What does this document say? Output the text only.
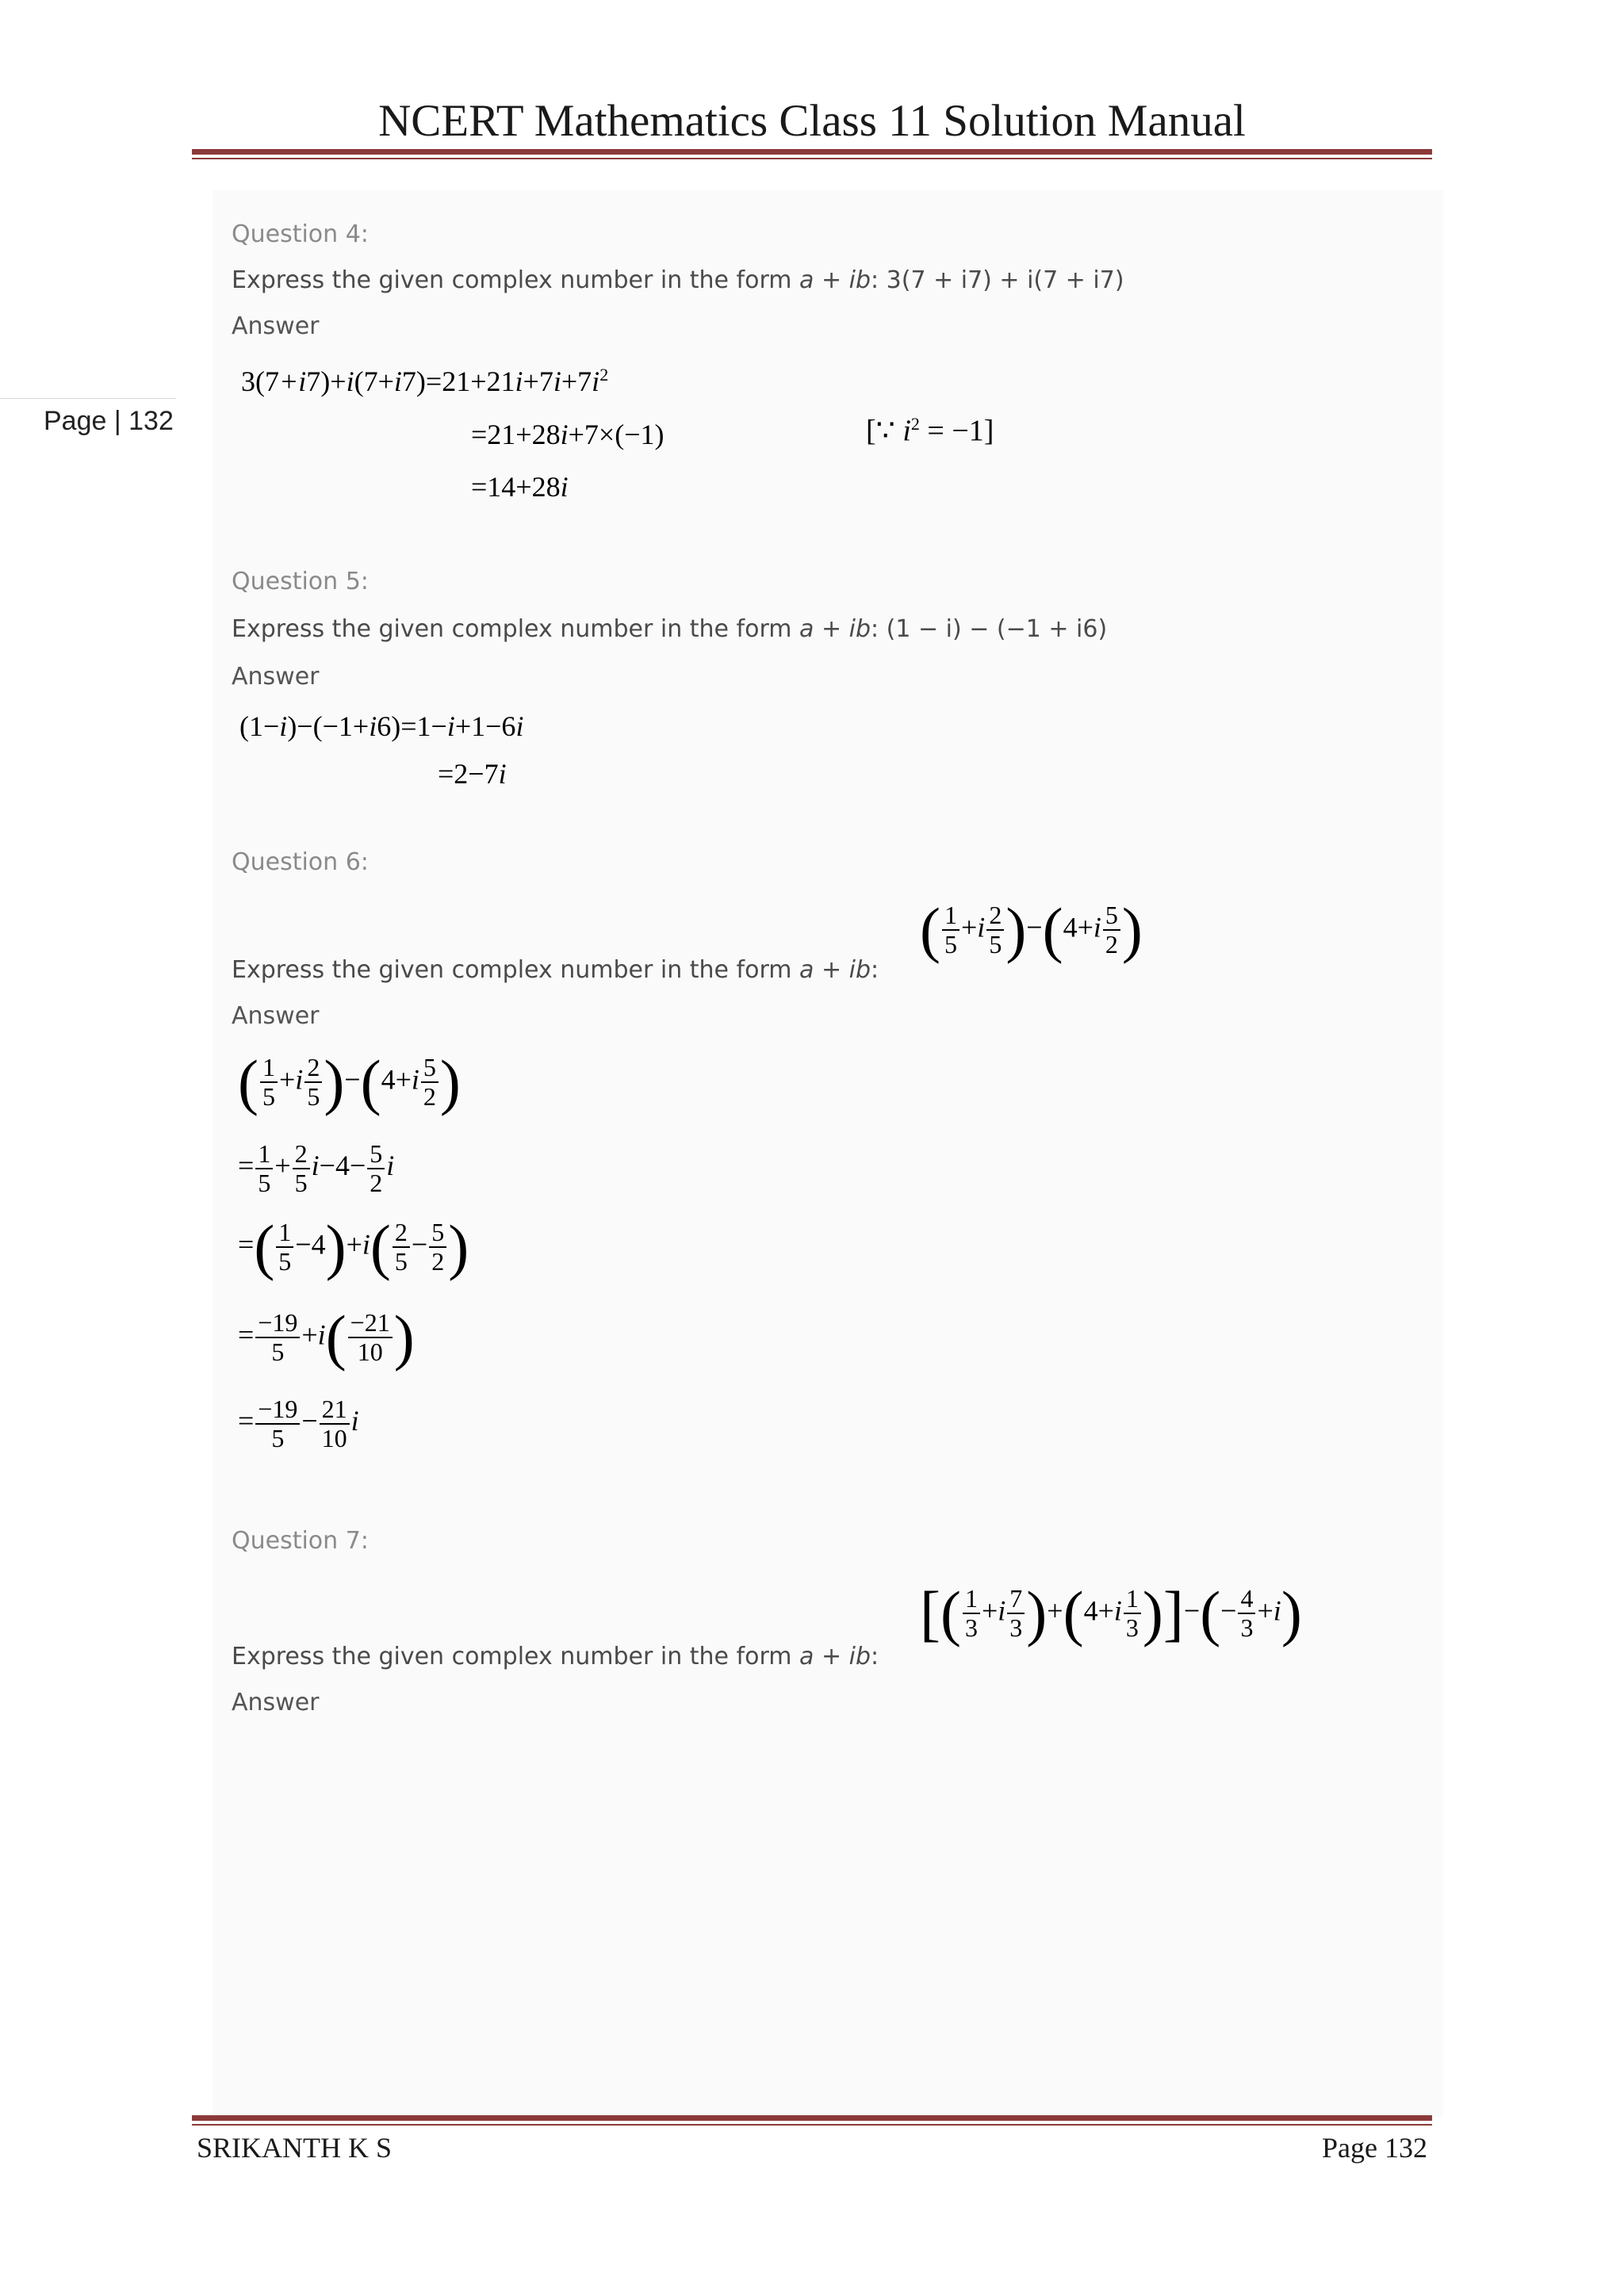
NCERT Mathematics Class 11 Solution Manual
Page | 132
Question 4:
Express the given complex number in the form a + ib: 3(7 + i7) + i(7 + i7)
Answer
$3(7+i7)+i(7+i7)=21+21i+7i+7i^2$
=21+28i+7×(−1)	[∵ $i^2 = -1$]
=14+28i
Question 5:
Express the given complex number in the form a + ib: (1 − i) − (−1 + i6)
Answer
(1−i)−(−1+i6)=1−i+1−6i
=2−7i
Question 6:
Express the given complex number in the form a + ib:
( $\frac{1}{5} +i \frac{2}{5} )-(4+i \frac{5}{2}$ )
Answer
( $\frac{1}{5} +i \frac{2}{5} )-(4+i \frac{5}{2}$ )
= $\frac{1}{5} + \frac{2}{5} i-4- \frac{5}{2}$ i
=( $\frac{1}{5} -4)+i( \frac{2}{5} - \frac{5}{2}$ )
= $\frac{-19}{5} +i( \frac{-21}{10}$ )
= $\frac{-19}{5} - \frac{21}{10}$ i
Question 7:
Express the given complex number in the form a + ib:
[( $\frac{1}{3} +i \frac{7}{3} )+(4+i \frac{1}{3}$ )]−(− $\frac{4}{3} +i$)
Answer
SRIKANTH K S	Page 132
